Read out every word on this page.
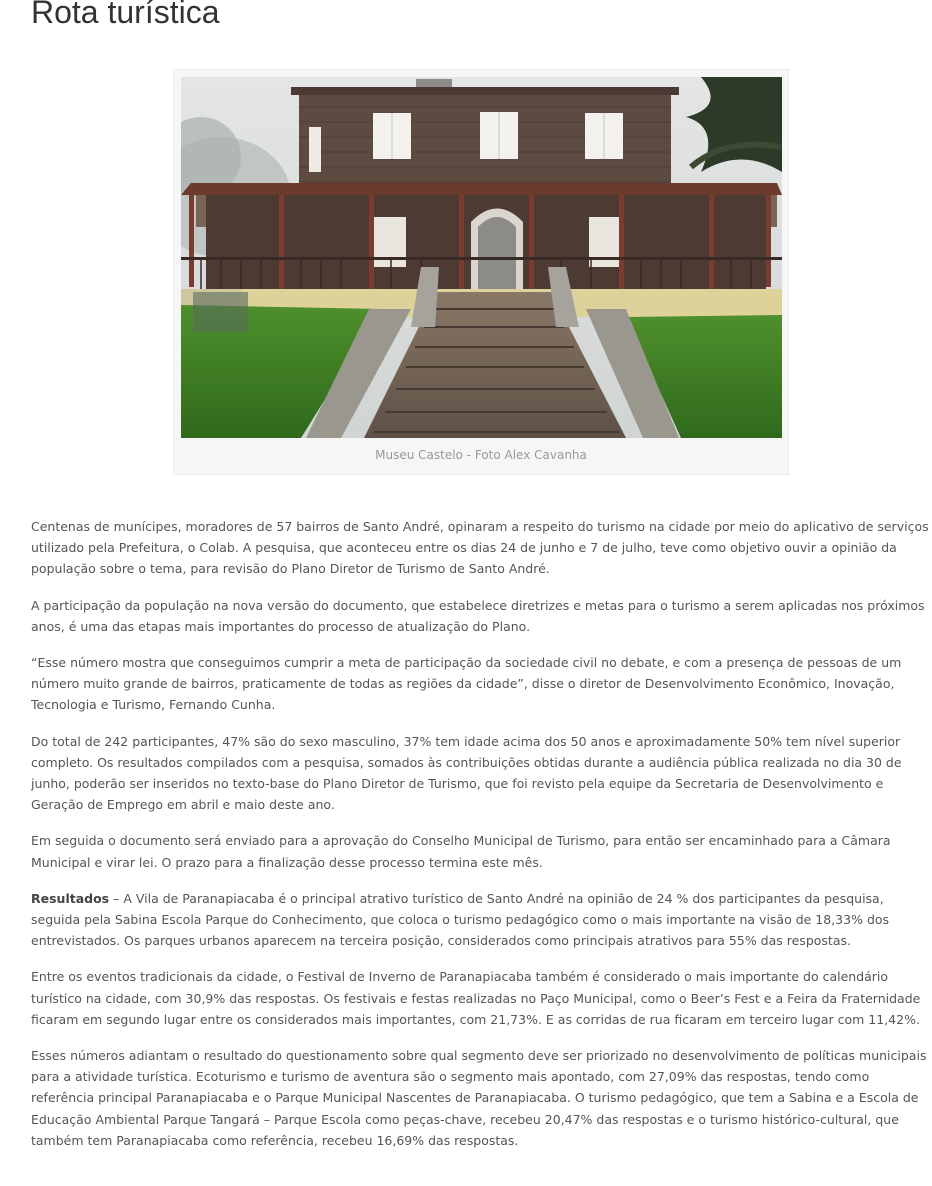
Rota turística
Museu Castelo - Foto Alex Cavanha

Centenas de munícipes, moradores de 57 bairros de Santo André, opinaram a respeito do turismo na cidade por meio do aplicativo de serviços utilizado pela Prefeitura, o Colab. A pesquisa, que aconteceu entre os dias 24 de junho e 7 de julho, teve como objetivo ouvir a opinião da população sobre o tema, para revisão do Plano Diretor de Turismo de Santo André.

A participação da população na nova versão do documento, que estabelece diretrizes e metas para o turismo a serem aplicadas nos próximos anos, é uma das etapas mais importantes do processo de atualização do Plano.

“Esse número mostra que conseguimos cumprir a meta de participação da sociedade civil no debate, e com a presença de pessoas de um número muito grande de bairros, praticamente de todas as regiões da cidade”, disse o diretor de Desenvolvimento Econômico, Inovação, Tecnologia e Turismo, Fernando Cunha.

Do total de 242 participantes, 47% são do sexo masculino, 37% tem idade acima dos 50 anos e aproximadamente 50% tem nível superior completo. Os resultados compilados com a pesquisa, somados às contribuições obtidas durante a audiência pública realizada no dia 30 de junho, poderão ser inseridos no texto-base do Plano Diretor de Turismo, que foi revisto pela equipe da Secretaria de Desenvolvimento e Geração de Emprego em abril e maio deste ano.

Em seguida o documento será enviado para a aprovação do Conselho Municipal de Turismo, para então ser encaminhado para a Câmara Municipal e virar lei. O prazo para a finalização desse processo termina este mês.

Resultados – A Vila de Paranapiacaba é o principal atrativo turístico de Santo André na opinião de 24 % dos participantes da pesquisa, seguida pela Sabina Escola Parque do Conhecimento, que coloca o turismo pedagógico como o mais importante na visão de 18,33% dos entrevistados. Os parques urbanos aparecem na terceira posição, considerados como principais atrativos para 55% das respostas.

Entre os eventos tradicionais da cidade, o Festival de Inverno de Paranapiacaba também é considerado o mais importante do calendário turístico na cidade, com 30,9% das respostas. Os festivais e festas realizadas no Paço Municipal, como o Beer’s Fest e a Feira da Fraternidade ficaram em segundo lugar entre os considerados mais importantes, com 21,73%. E as corridas de rua ficaram em terceiro lugar com 11,42%.

Esses números adiantam o resultado do questionamento sobre qual segmento deve ser priorizado no desenvolvimento de políticas municipais para a atividade turística. Ecoturismo e turismo de aventura são o segmento mais apontado, com 27,09% das respostas, tendo como referência principal Paranapiacaba e o Parque Municipal Nascentes de Paranapiacaba. O turismo pedagógico, que tem a Sabina e a Escola de Educação Ambiental Parque Tangará – Parque Escola como peças-chave, recebeu 20,47% das respostas e o turismo histórico-cultural, que também tem Paranapiacaba como referência, recebeu 16,69% das respostas.
